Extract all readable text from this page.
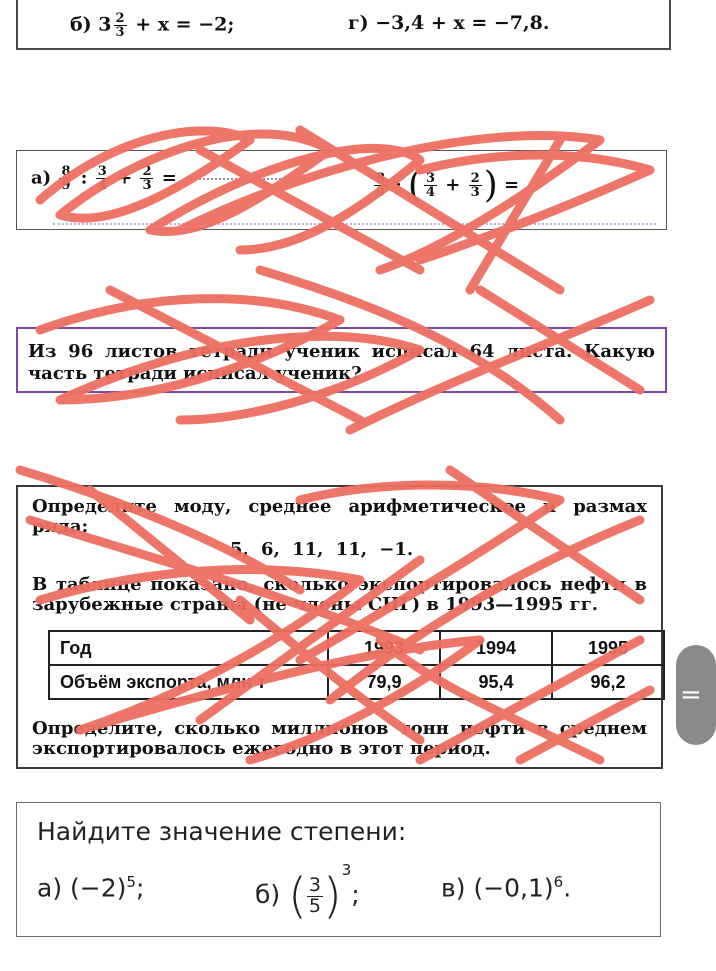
б) $3 \frac{2}{3} + x = -2$;	г) −3,4 + x = −7,8.
$а) \frac{8}{9}$ : $\frac{3}{4} + \frac{2}{3}$ =	$\frac{8}{9}$ · ( $\frac{3}{4} + \frac{2}{3}$ ) =
Из 96 листов тетради ученик исписал 64 листа. Какую часть тетради исписал ученик?
Определите моду, среднее арифметическое и размах ряда:
5, 6, 11, 11, −1.
В таблице показано, сколько экспортировалось нефти в зарубежные страны (не члены СНГ) в 1993—1995 гг.
Год	1993	1994	1995
Объём экспорта, млн т	79,9	95,4	96,2
Определите, сколько миллионов тонн нефти в среднем экспортировалось ежегодно в этот период.
Найдите значение степени:
а) $(-2)^5$;	б) ( $\frac{3}{5})^3$;	в) $(-0,1)^6$.
=
